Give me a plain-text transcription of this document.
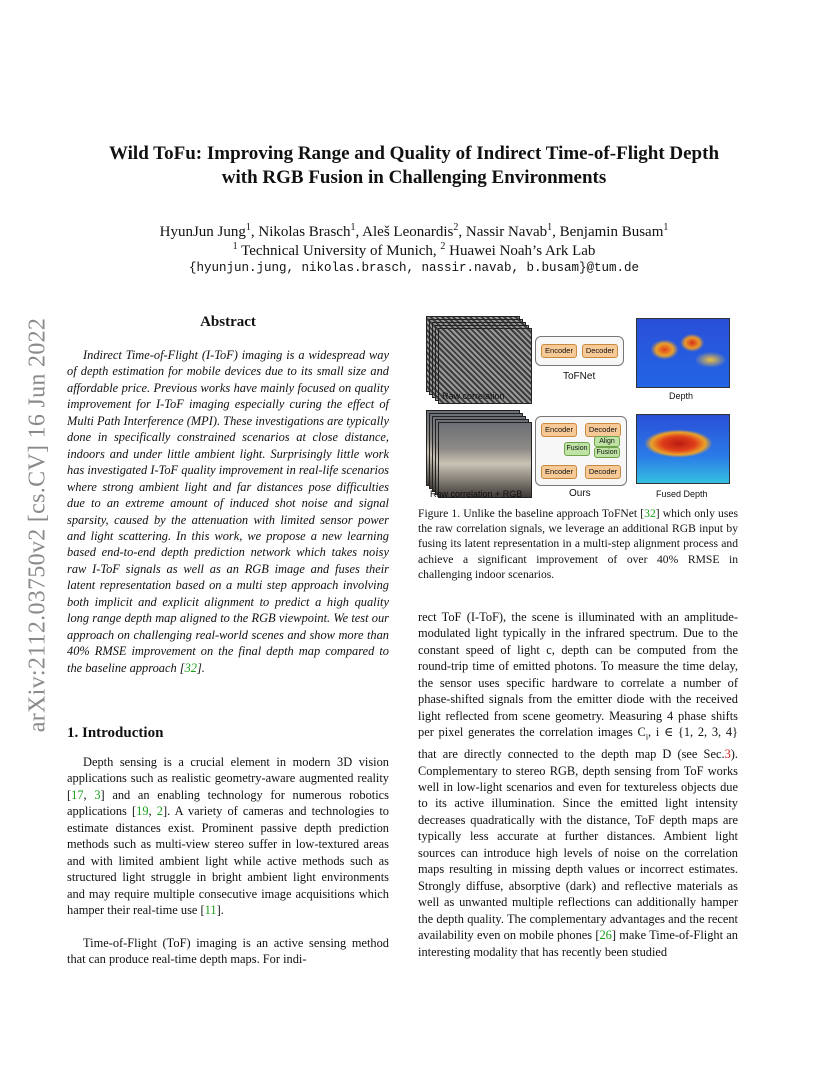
arXiv:2112.03750v2 [cs.CV] 16 Jun 2022
Wild ToFu: Improving Range and Quality of Indirect Time-of-Flight Depth
with RGB Fusion in Challenging Environments
HyunJun Jung$^1$, Nikolas Brasch$^1$, Aleš Leonardis$^2$, Nassir Navab$^1$, Benjamin Busam$^1$
$^1$ Technical University of Munich, $^2$ Huawei Noah’s Ark Lab
{hyunjun.jung, nikolas.brasch, nassir.navab, b.busam}@tum.de
Abstract
Indirect Time-of-Flight (I-ToF) imaging is a widespread way of depth estimation for mobile devices due to its small size and affordable price. Previous works have mainly focused on quality improvement for I-ToF imaging especially curing the effect of Multi Path Interference (MPI). These investigations are typically done in specifically constrained scenarios at close distance, indoors and under little ambient light. Surprisingly little work has investigated I-ToF quality improvement in real-life scenarios where strong ambient light and far distances pose difficulties due to an extreme amount of induced shot noise and signal sparsity, caused by the attenuation with limited sensor power and light scattering. In this work, we propose a new learning based end-to-end depth prediction network which takes noisy raw I-ToF signals as well as an RGB image and fuses their latent representation based on a multi step approach involving both implicit and explicit alignment to predict a high quality long range depth map aligned to the RGB viewpoint. We test our approach on challenging real-world scenes and show more than 40% RMSE improvement on the final depth map compared to the baseline approach [32].
1. Introduction
Depth sensing is a crucial element in modern 3D vision applications such as realistic geometry-aware augmented reality [17, 3] and an enabling technology for numerous robotics applications [19, 2]. A variety of cameras and technologies to estimate distances exist. Prominent passive depth prediction methods such as multi-view stereo suffer in low-textured areas and with limited ambient light while active methods such as structured light struggle in bright ambient light environments and may require multiple consecutive image acquisitions which hamper their real-time use [11].
Time-of-Flight (ToF) imaging is an active sensing method that can produce real-time depth maps. For indi-
Raw correlation
Encoder	Decoder
ToFNet
Depth
Raw correlation + RGB
Encoder	Decoder
Fusion
Align
Fusion
Encoder	Decoder
Ours	Fused Depth
Figure 1. Unlike the baseline approach ToFNet [32] which only uses the raw correlation signals, we leverage an additional RGB input by fusing its latent representation in a multi-step alignment process and achieve a significant improvement of over 40% RMSE in challenging indoor scenarios.
rect ToF (I-ToF), the scene is illuminated with an amplitude-modulated light typically in the infrared spectrum. Due to the constant speed of light c, depth can be computed from the round-trip time of emitted photons. To measure the time delay, the sensor uses specific hardware to correlate a number of phase-shifted signals from the emitter diode with the received light reflected from scene geometry. Measuring 4 phase shifts per pixel generates the correlation images $C_i$, i ∈ {1, 2, 3, 4} that are directly connected to the depth map D (see Sec.3). Complementary to stereo RGB, depth sensing from ToF works well in low-light scenarios and even for textureless objects due to its active illumination. Since the emitted light intensity decreases quadratically with the distance, ToF depth maps are typically less accurate at further distances. Ambient light sources can introduce high levels of noise on the correlation maps resulting in missing depth values or incorrect estimates. Strongly diffuse, absorptive (dark) and reflective materials as well as unwanted multiple reflections can additionally hamper the depth quality. The complementary advantages and the recent availability even on mobile phones [26] make Time-of-Flight an interesting modality that has recently been studied
